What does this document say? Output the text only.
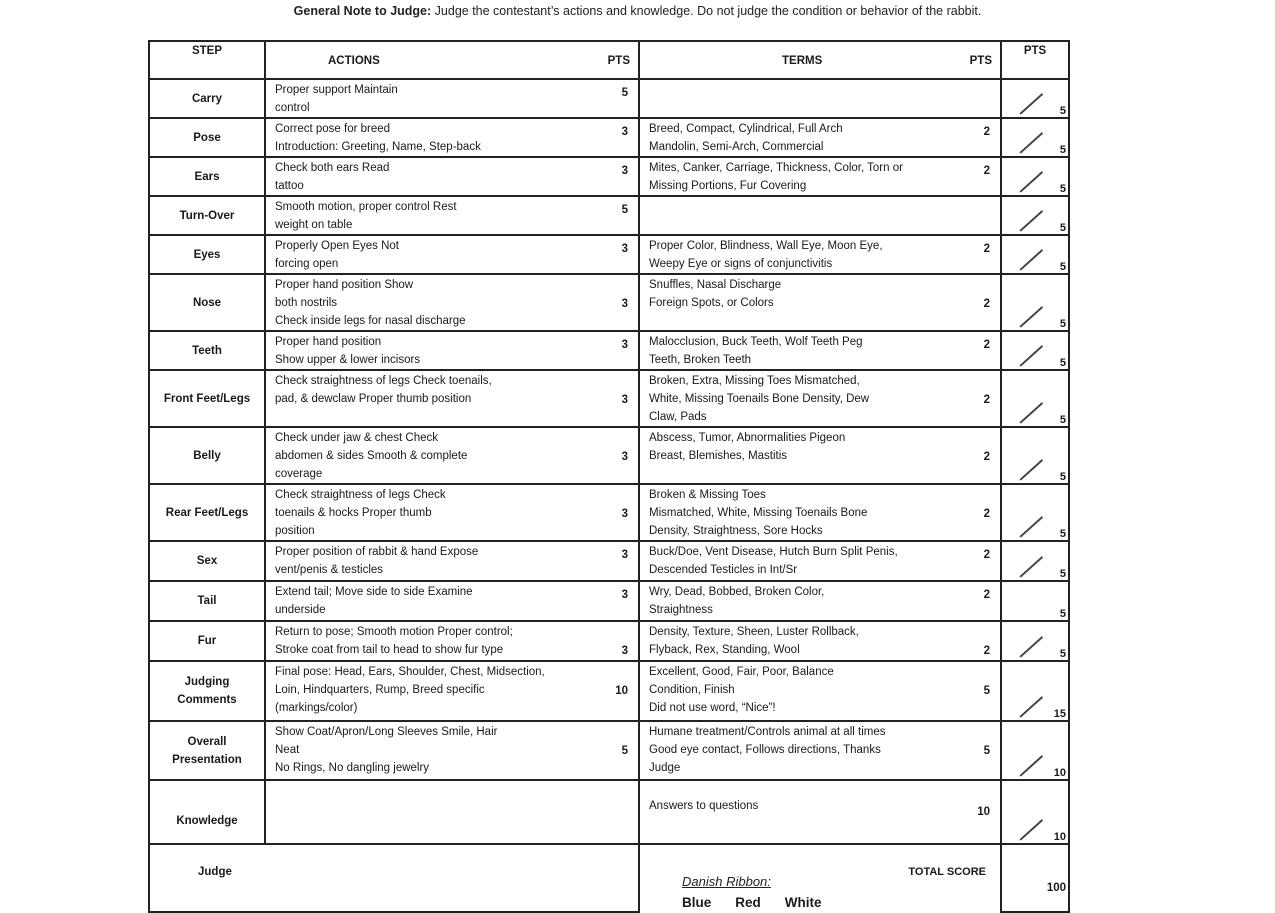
General Note to Judge: Judge the contestant’s actions and knowledge. Do not judge the condition or behavior of the rabbit.
STEP	ACTIONS PTS	TERMS PTS	PTS
Carry	Proper support Maintain
control
5		5

Pose	Correct pose for breed
Introduction: Greeting, Name, Step-back
3	Breed, Compact, Cylindrical, Full Arch
Mandolin, Semi-Arch, Commercial
2	5

Ears	Check both ears Read
tattoo
3	Mites, Canker, Carriage, Thickness, Color, Torn or
Missing Portions, Fur Covering
2	5

Turn-Over	Smooth motion, proper control Rest
weight on table
5		5

Eyes	Properly Open Eyes Not
forcing open
3	Proper Color, Blindness, Wall Eye, Moon Eye,
Weepy Eye or signs of conjunctivitis
2	5

Nose	Proper hand position Show
both nostrils
Check inside legs for nasal discharge
3	Snuffles, Nasal Discharge
Foreign Spots, or Colors 2	5

Teeth	Proper hand position
Show upper & lower incisors
3	Malocclusion, Buck Teeth, Wolf Teeth Peg
Teeth, Broken Teeth
2	5

Front Feet/Legs	Check straightness of legs Check toenails,
pad, & dewclaw Proper thumb position 3	Broken, Extra, Missing Toes Mismatched,
White, Missing Toenails Bone Density, Dew
Claw, Pads
2	5

Belly	Check under jaw & chest Check
abdomen & sides Smooth & complete
coverage
3	Abscess, Tumor, Abnormalities Pigeon
Breast, Blemishes, Mastitis 2	5

Rear Feet/Legs	Check straightness of legs Check
toenails & hocks Proper thumb
position
3	Broken & Missing Toes
Mismatched, White, Missing Toenails Bone
Density, Straightness, Sore Hocks
2	5

Sex	Proper position of rabbit & hand Expose
vent/penis & testicles
3	Buck/Doe, Vent Disease, Hutch Burn Split Penis,
Descended Testicles in Int/Sr
2	5

Tail	Extend tail; Move side to side Examine
underside
3	Wry, Dead, Bobbed, Broken Color,
Straightness
2	5

Fur	Return to pose; Smooth motion Proper control;
Stroke coat from tail to head to show fur type 3	Density, Texture, Sheen, Luster Rollback,
Flyback, Rex, Standing, Wool 2	5

Judging
Comments	Final pose: Head, Ears, Shoulder, Chest, Midsection,
Loin, Hindquarters, Rump, Breed specific
(markings/color)
10	Excellent, Good, Fair, Poor, Balance
Condition, Finish
Did not use word, “Nice”!
5	15

Overall
Presentation	Show Coat/Apron/Long Sleeves Smile, Hair
Neat
No Rings, No dangling jewelry
5	Humane treatment/Controls animal at all times
Good eye contact, Follows directions, Thanks
Judge
5	10

Knowledge		Answers to questions 10	10

Judge		TOTAL SCORE
Danish Ribbon:
Blue Red White	100
